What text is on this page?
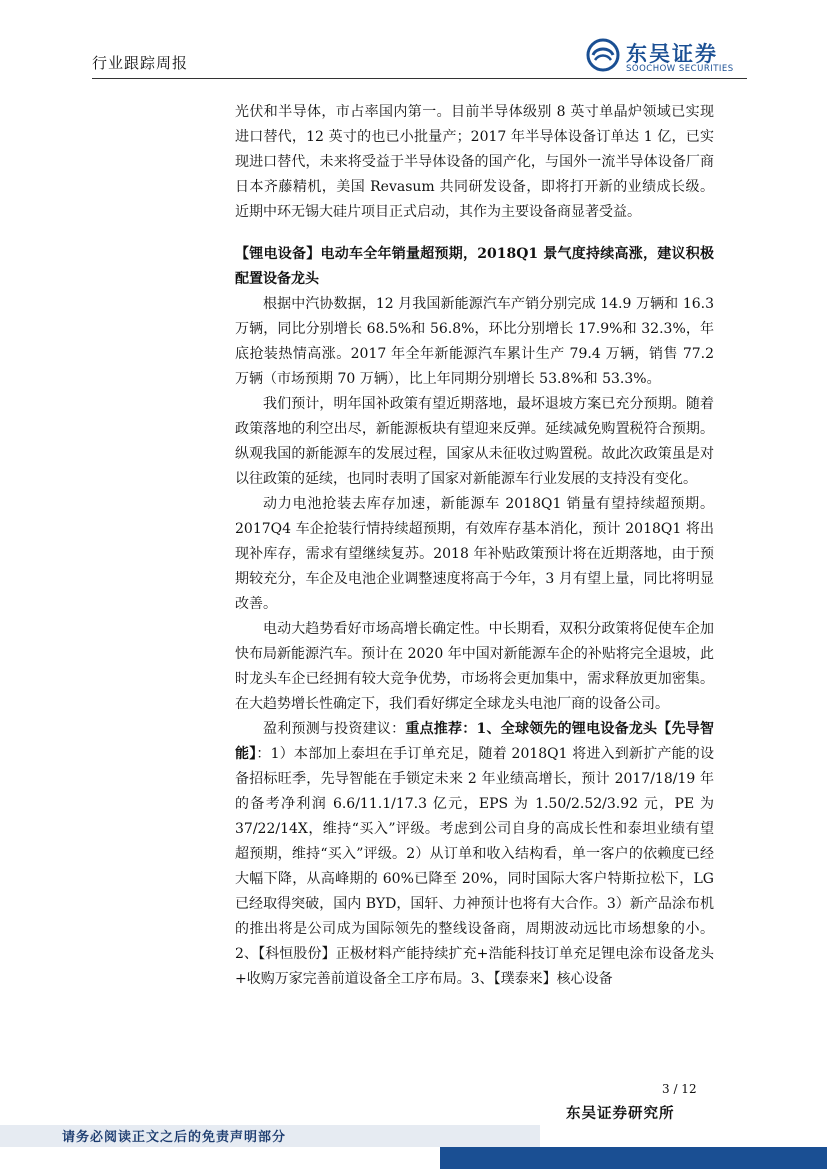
行业跟踪周报	东吴证券
SOOCHOW SECURITIES

光伏和半导体，市占率国内第一。目前半导体级别 8 英寸单晶炉领域已实现进口替代，12 英寸的也已小批量产；2017 年半导体设备订单达 1 亿，已实现进口替代，未来将受益于半导体设备的国产化，与国外一流半导体设备厂商日本齐藤精机，美国 Revasum 共同研发设备，即将打开新的业绩成长级。近期中环无锡大硅片项目正式启动，其作为主要设备商显著受益。

【锂电设备】电动车全年销量超预期，2018Q1 景气度持续高涨，建议积极配置设备龙头

根据中汽协数据，12 月我国新能源汽车产销分别完成 14.9 万辆和 16.3 万辆，同比分别增长 68.5%和 56.8%，环比分别增长 17.9%和 32.3%，年底抢装热情高涨。2017 年全年新能源汽车累计生产 79.4 万辆，销售 77.2 万辆（市场预期 70 万辆），比上年同期分别增长 53.8%和 53.3%。

我们预计，明年国补政策有望近期落地，最坏退坡方案已充分预期。随着政策落地的利空出尽，新能源板块有望迎来反弹。延续减免购置税符合预期。纵观我国的新能源车的发展过程，国家从未征收过购置税。故此次政策虽是对以往政策的延续，也同时表明了国家对新能源车行业发展的支持没有变化。

动力电池抢装去库存加速，新能源车 2018Q1 销量有望持续超预期。2017Q4 车企抢装行情持续超预期，有效库存基本消化，预计 2018Q1 将出现补库存，需求有望继续复苏。2018 年补贴政策预计将在近期落地，由于预期较充分，车企及电池企业调整速度将高于今年，3 月有望上量，同比将明显改善。

电动大趋势看好市场高增长确定性。中长期看，双积分政策将促使车企加快布局新能源汽车。预计在 2020 年中国对新能源车企的补贴将完全退坡，此时龙头车企已经拥有较大竞争优势，市场将会更加集中，需求释放更加密集。在大趋势增长性确定下，我们看好绑定全球龙头电池厂商的设备公司。

盈利预测与投资建议：重点推荐：1、全球领先的锂电设备龙头【先导智能】：1）本部加上泰坦在手订单充足，随着 2018Q1 将进入到新扩产能的设备招标旺季，先导智能在手锁定未来 2 年业绩高增长，预计 2017/18/19 年的备考净利润 6.6/11.1/17.3 亿元，EPS 为 1.50/2.52/3.92 元，PE 为 37/22/14X，维持“买入”评级。考虑到公司自身的高成长性和泰坦业绩有望超预期，维持“买入”评级。2）从订单和收入结构看，单一客户的依赖度已经大幅下降，从高峰期的 60%已降至 20%，同时国际大客户特斯拉松下，LG 已经取得突破，国内 BYD，国轩、力神预计也将有大合作。3）新产品涂布机的推出将是公司成为国际领先的整线设备商，周期波动远比市场想象的小。2、【科恒股份】正极材料产能持续扩充+浩能科技订单充足锂电涂布设备龙头+收购万家完善前道设备全工序布局。3、【璞泰来】核心设备

3 / 12
东吴证券研究所
请务必阅读正文之后的免责声明部分
